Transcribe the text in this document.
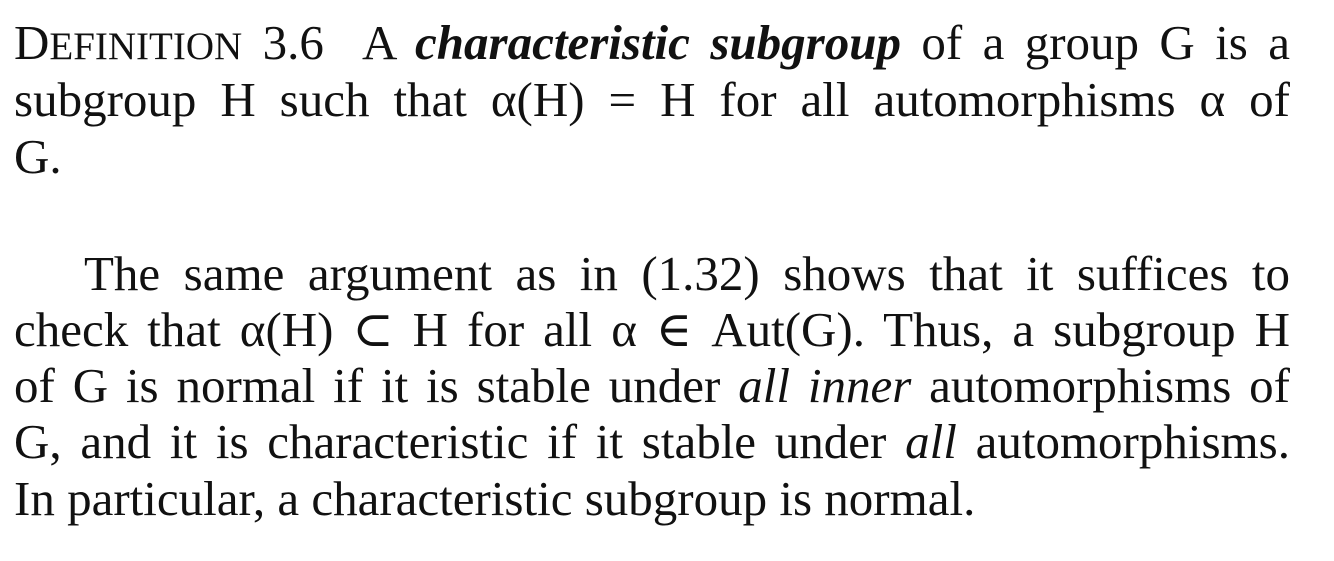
DEFINITION 3.6 A characteristic subgroup of a group G is a
subgroup H such that α(H) = H for all automorphisms α of
G.
The same argument as in (1.32) shows that it suffices to
check that α(H) ⊂ H for all α ∈ Aut(G). Thus, a subgroup H
of G is normal if it is stable under all inner automorphisms of
G, and it is characteristic if it stable under all automorphisms.
In particular, a characteristic subgroup is normal.
